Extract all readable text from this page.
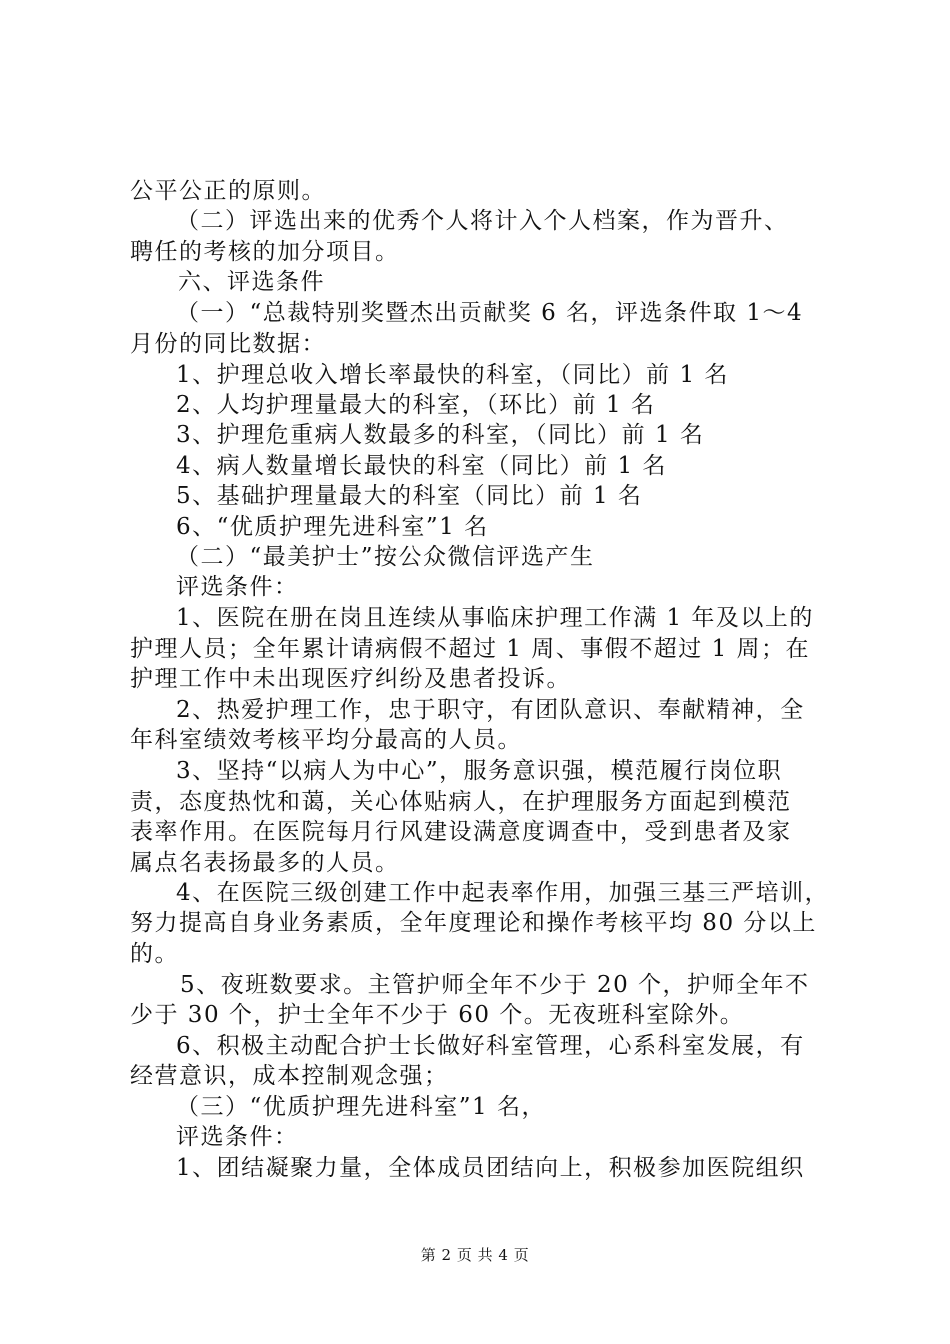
公平公正的原则。
（二）评选出来的优秀个人将计入个人档案，作为晋升、
聘任的考核的加分项目。
六、评选条件
（一）“总裁特别奖暨杰出贡献奖 6 名，评选条件取 1～4
月份的同比数据：
1、护理总收入增长率最快的科室，（同比）前 1 名
2、人均护理量最大的科室，（环比）前 1 名
3、护理危重病人数最多的科室，（同比）前 1 名
4、病人数量增长最快的科室（同比）前 1 名
5、基础护理量最大的科室（同比）前 1 名
6、“优质护理先进科室”1 名
（二）“最美护士”按公众微信评选产生
评选条件：
1、医院在册在岗且连续从事临床护理工作满 1 年及以上的
护理人员；全年累计请病假不超过 1 周、事假不超过 1 周；在
护理工作中未出现医疗纠纷及患者投诉。
2、热爱护理工作，忠于职守，有团队意识、奉献精神，全
年科室绩效考核平均分最高的人员。
3、坚持“以病人为中心”，服务意识强，模范履行岗位职
责，态度热忱和蔼，关心体贴病人，在护理服务方面起到模范
表率作用。在医院每月行风建设满意度调查中，受到患者及家
属点名表扬最多的人员。
4、在医院三级创建工作中起表率作用，加强三基三严培训，
努力提高自身业务素质，全年度理论和操作考核平均 80 分以上
的。
5、夜班数要求。主管护师全年不少于 20 个，护师全年不
少于 30 个，护士全年不少于 60 个。无夜班科室除外。
6、积极主动配合护士长做好科室管理，心系科室发展，有
经营意识，成本控制观念强；
（三）“优质护理先进科室”1 名，
评选条件：
1、团结凝聚力量，全体成员团结向上，积极参加医院组织
第 2 页 共 4 页
